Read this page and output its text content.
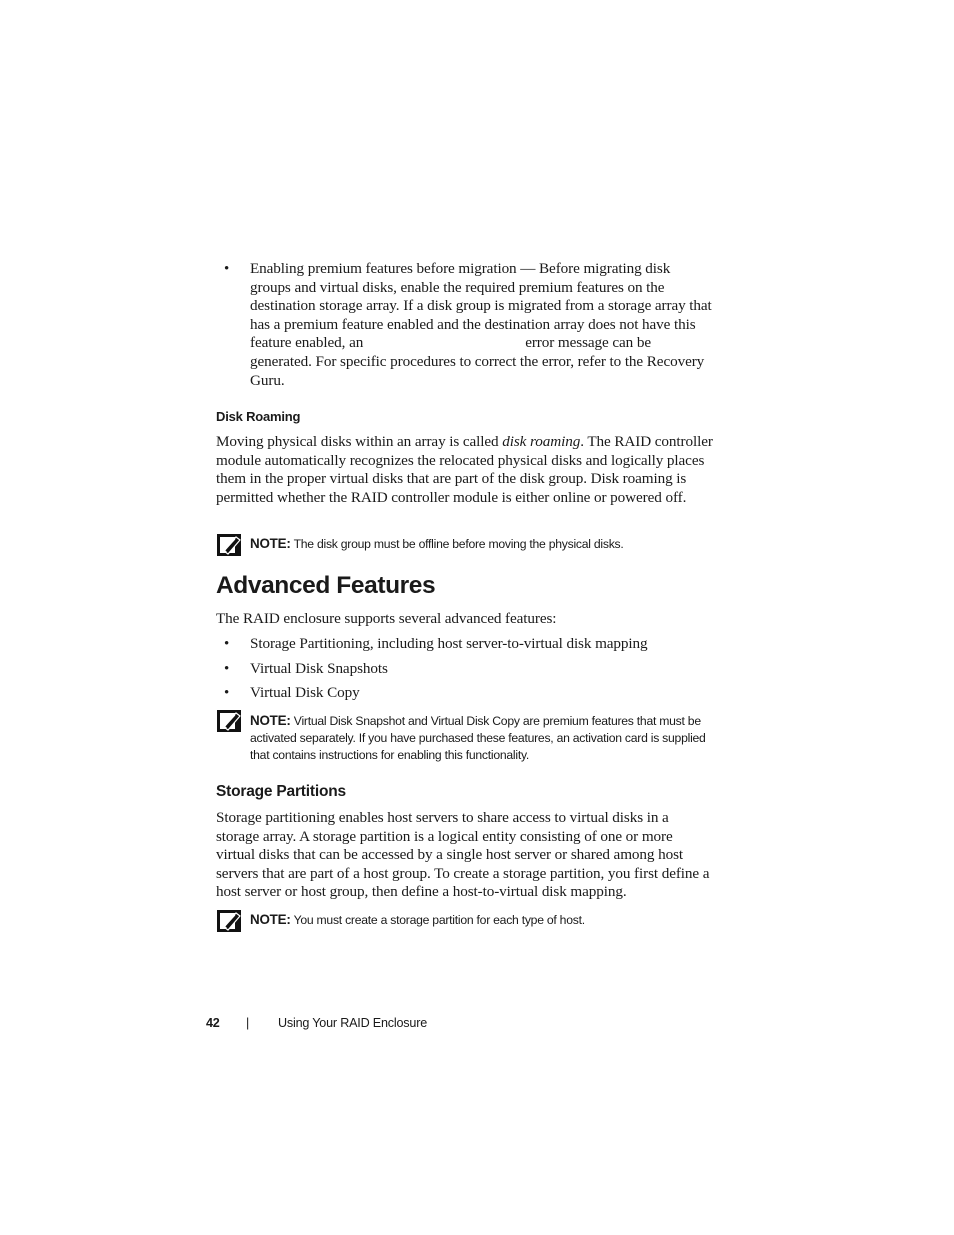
• Enabling premium features before migration — Before migrating disk groups and virtual disks, enable the required premium features on the destination storage array. If a disk group is migrated from a storage array that has a premium feature enabled and the destination array does not have this feature enabled, an	error message can be generated. For specific procedures to correct the error, refer to the Recovery Guru.
Disk Roaming
Moving physical disks within an array is called disk roaming. The RAID controller module automatically recognizes the relocated physical disks and logically places them in the proper virtual disks that are part of the disk group. Disk roaming is permitted whether the RAID controller module is either online or powered off.
NOTE: The disk group must be offline before moving the physical disks.
Advanced Features
The RAID enclosure supports several advanced features:
• Storage Partitioning, including host server-to-virtual disk mapping
• Virtual Disk Snapshots
• Virtual Disk Copy
NOTE: Virtual Disk Snapshot and Virtual Disk Copy are premium features that must be activated separately. If you have purchased these features, an activation card is supplied that contains instructions for enabling this functionality.
Storage Partitions
Storage partitioning enables host servers to share access to virtual disks in a storage array. A storage partition is a logical entity consisting of one or more virtual disks that can be accessed by a single host server or shared among host servers that are part of a host group. To create a storage partition, you first define a host server or host group, then define a host-to-virtual disk mapping.
NOTE: You must create a storage partition for each type of host.
42 | Using Your RAID Enclosure
